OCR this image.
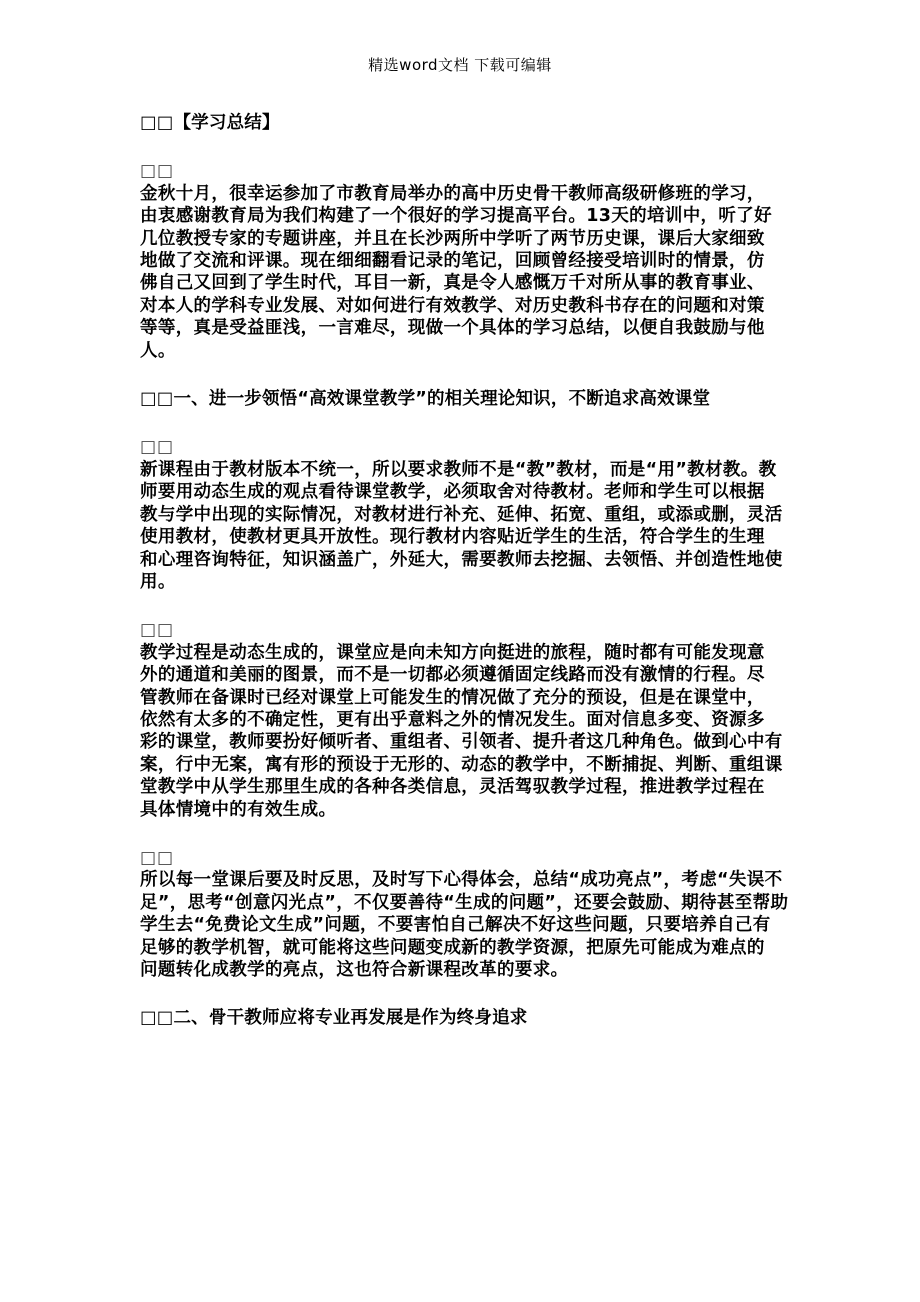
精选word文档 下载可编辑
□□【学习总结】
□□
金秋十月，很幸运参加了市教育局举办的高中历史骨干教师高级研修班的学习，
由衷感谢教育局为我们构建了一个很好的学习提高平台。13天的培训中，听了好
几位教授专家的专题讲座，并且在长沙两所中学听了两节历史课，课后大家细致
地做了交流和评课。现在细细翻看记录的笔记，回顾曾经接受培训时的情景，仿
佛自己又回到了学生时代，耳目一新，真是令人感慨万千对所从事的教育事业、
对本人的学科专业发展、对如何进行有效教学、对历史教科书存在的问题和对策
等等，真是受益匪浅，一言难尽，现做一个具体的学习总结，以便自我鼓励与他
人。
□□一、进一步领悟“高效课堂教学”的相关理论知识，不断追求高效课堂
□□
新课程由于教材版本不统一，所以要求教师不是“教”教材，而是“用”教材教。教
师要用动态生成的观点看待课堂教学，必须取舍对待教材。老师和学生可以根据
教与学中出现的实际情况，对教材进行补充、延伸、拓宽、重组，或添或删，灵活
使用教材，使教材更具开放性。现行教材内容贴近学生的生活，符合学生的生理
和心理咨询特征，知识涵盖广，外延大，需要教师去挖掘、去领悟、并创造性地使
用。
□□
教学过程是动态生成的，课堂应是向未知方向挺进的旅程，随时都有可能发现意
外的通道和美丽的图景，而不是一切都必须遵循固定线路而没有激情的行程。尽
管教师在备课时已经对课堂上可能发生的情况做了充分的预设，但是在课堂中，
依然有太多的不确定性，更有出乎意料之外的情况发生。面对信息多变、资源多
彩的课堂，教师要扮好倾听者、重组者、引领者、提升者这几种角色。做到心中有
案，行中无案，寓有形的预设于无形的、动态的教学中，不断捕捉、判断、重组课
堂教学中从学生那里生成的各种各类信息，灵活驾驭教学过程，推进教学过程在
具体情境中的有效生成。
□□
所以每一堂课后要及时反思，及时写下心得体会，总结“成功亮点”，考虑“失误不
足”，思考“创意闪光点”，不仅要善待“生成的问题”，还要会鼓励、期待甚至帮助
学生去“免费论文生成”问题，不要害怕自己解决不好这些问题，只要培养自己有
足够的教学机智，就可能将这些问题变成新的教学资源，把原先可能成为难点的
问题转化成教学的亮点，这也符合新课程改革的要求。
□□二、骨干教师应将专业再发展是作为终身追求
